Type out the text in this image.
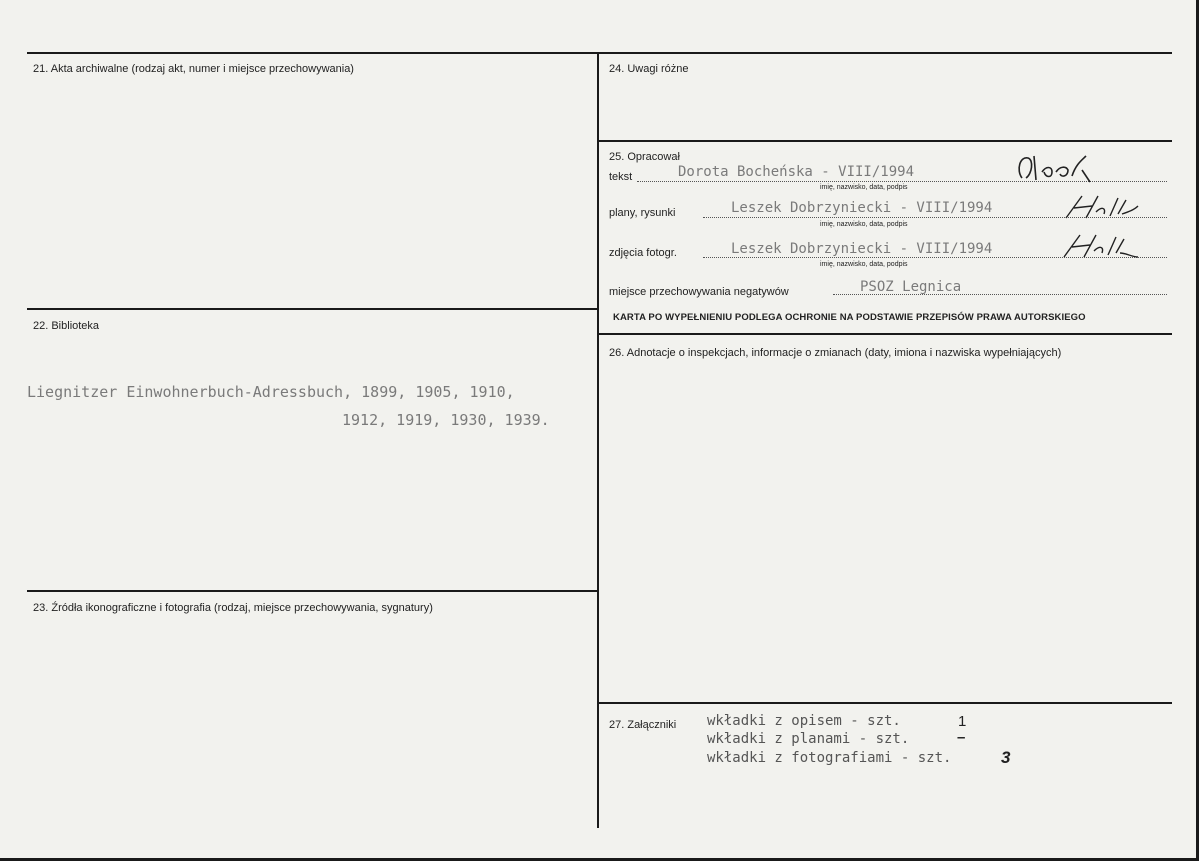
21. Akta archiwalne (rodzaj akt, numer i miejsce przechowywania)
22. Biblioteka
Liegnitzer Einwohnerbuch-Adressbuch, 1899, 1905, 1910,
1912, 1919, 1930, 1939.
23. Źródła ikonograficzne i fotografia (rodzaj, miejsce przechowywania, sygnatury)
24. Uwagi różne
25. Opracował
tekst	Dorota Bocheńska - VIII/1994
imię, nazwisko, data, podpis
plany, rysunki	Leszek Dobrzyniecki - VIII/1994
imię, nazwisko, data, podpis
zdjęcia fotogr.	Leszek Dobrzyniecki - VIII/1994
imię, nazwisko, data, podpis
miejsce przechowywania negatywów	PSOZ Legnica
KARTA PO WYPEŁNIENIU PODLEGA OCHRONIE NA PODSTAWIE PRZEPISÓW PRAWA AUTORSKIEGO
26. Adnotacje o inspekcjach, informacje o zmianach (daty, imiona i nazwiska wypełniających)
27. Załączniki wkładki z opisem - szt.	1
wkładki z planami - szt.	–
wkładki z fotografiami - szt.	3
